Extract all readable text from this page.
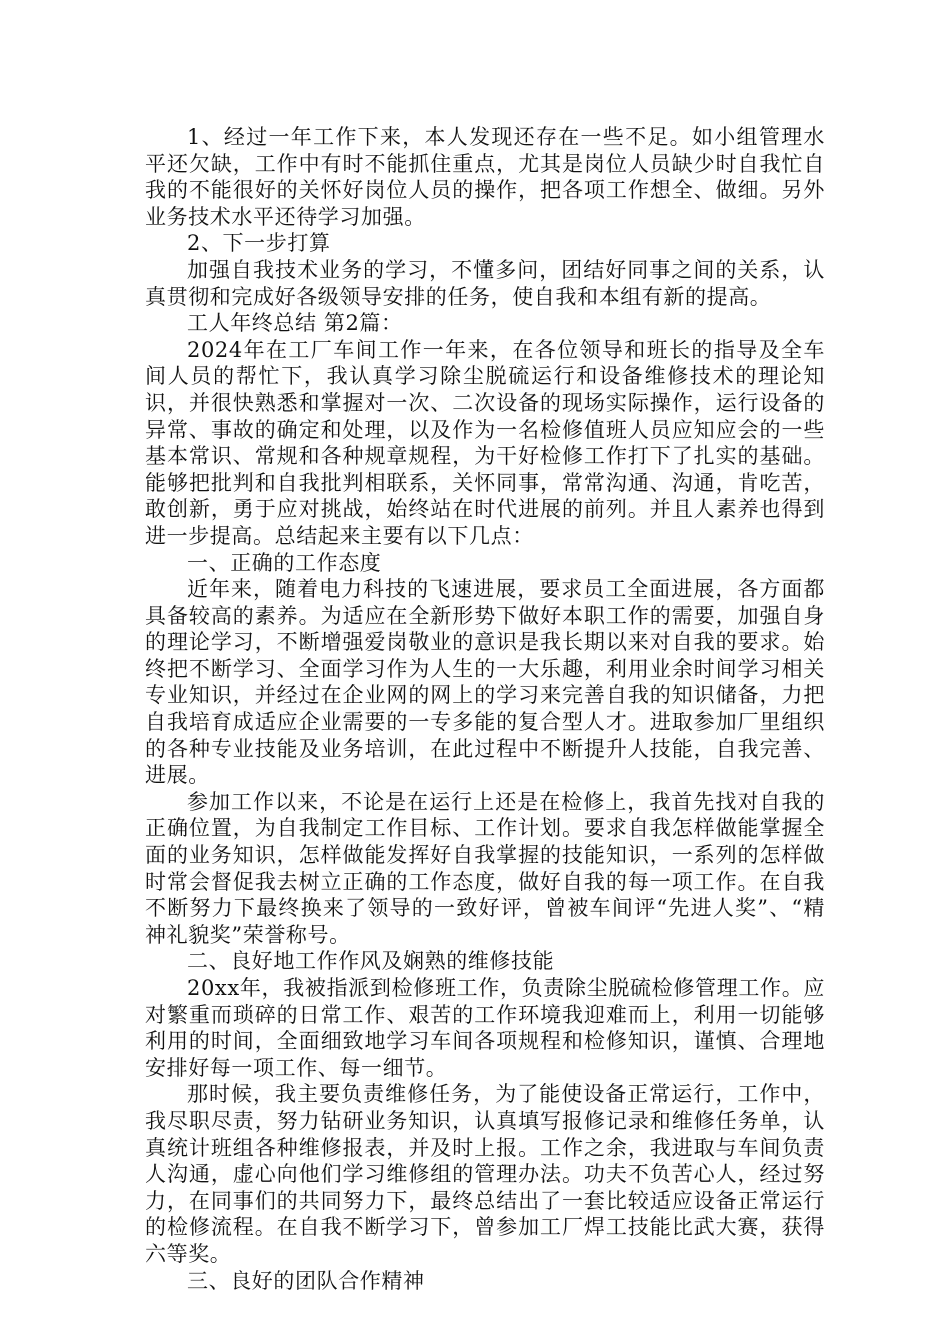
1、经过一年工作下来，本人发现还存在一些不足。如小组管理水平还欠缺，工作中有时不能抓住重点，尤其是岗位人员缺少时自我忙自我的不能很好的关怀好岗位人员的操作，把各项工作想全、做细。另外业务技术水平还待学习加强。

2、下一步打算

加强自我技术业务的学习，不懂多问，团结好同事之间的关系，认真贯彻和完成好各级领导安排的任务，使自我和本组有新的提高。

工人年终总结 第2篇：

2024年在工厂车间工作一年来，在各位领导和班长的指导及全车间人员的帮忙下，我认真学习除尘脱硫运行和设备维修技术的理论知识，并很快熟悉和掌握对一次、二次设备的现场实际操作，运行设备的异常、事故的确定和处理，以及作为一名检修值班人员应知应会的一些基本常识、常规和各种规章规程，为干好检修工作打下了扎实的基础。能够把批判和自我批判相联系，关怀同事，常常沟通、沟通，肯吃苦，敢创新，勇于应对挑战，始终站在时代进展的前列。并且人素养也得到进一步提高。总结起来主要有以下几点：

一、正确的工作态度

近年来，随着电力科技的飞速进展，要求员工全面进展，各方面都具备较高的素养。为适应在全新形势下做好本职工作的需要，加强自身的理论学习，不断增强爱岗敬业的意识是我长期以来对自我的要求。始终把不断学习、全面学习作为人生的一大乐趣，利用业余时间学习相关专业知识，并经过在企业网的网上的学习来完善自我的知识储备，力把自我培育成适应企业需要的一专多能的复合型人才。进取参加厂里组织的各种专业技能及业务培训，在此过程中不断提升人技能，自我完善、进展。

参加工作以来，不论是在运行上还是在检修上，我首先找对自我的正确位置，为自我制定工作目标、工作计划。要求自我怎样做能掌握全面的业务知识，怎样做能发挥好自我掌握的技能知识，一系列的怎样做时常会督促我去树立正确的工作态度，做好自我的每一项工作。在自我不断努力下最终换来了领导的一致好评，曾被车间评“先进人奖”、“精神礼貌奖”荣誉称号。

二、良好地工作作风及娴熟的维修技能

20xx年，我被指派到检修班工作，负责除尘脱硫检修管理工作。应对繁重而琐碎的日常工作、艰苦的工作环境我迎难而上，利用一切能够利用的时间，全面细致地学习车间各项规程和检修知识，谨慎、合理地安排好每一项工作、每一细节。

那时候，我主要负责维修任务，为了能使设备正常运行，工作中，我尽职尽责，努力钻研业务知识，认真填写报修记录和维修任务单，认真统计班组各种维修报表，并及时上报。工作之余，我进取与车间负责人沟通，虚心向他们学习维修组的管理办法。功夫不负苦心人，经过努力，在同事们的共同努力下，最终总结出了一套比较适应设备正常运行的检修流程。在自我不断学习下，曾参加工厂焊工技能比武大赛，获得六等奖。

三、良好的团队合作精神
